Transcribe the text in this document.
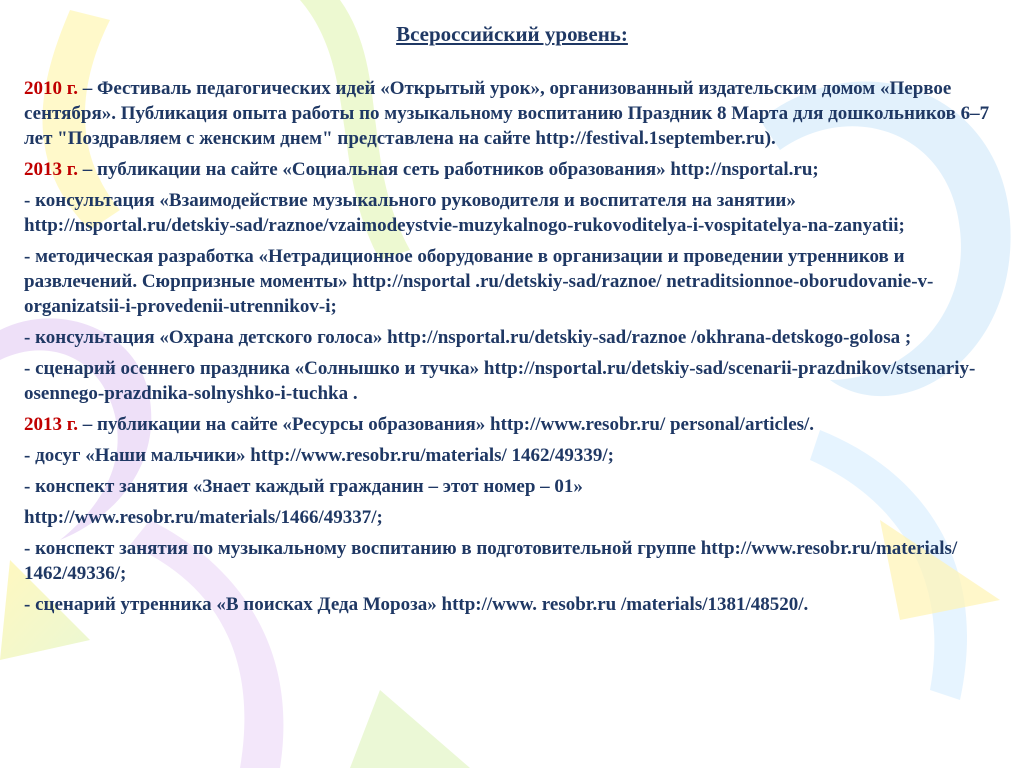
Всероссийский уровень:

2010 г. – Фестиваль педагогических идей «Открытый урок», организованный издательским домом «Первое сентября». Публикация опыта работы по музыкальному воспитанию Праздник 8 Марта для дошкольников 6–7 лет "Поздравляем с женским днем" представлена на сайте http://festival.1september.ru).

2013 г. – публикации на сайте «Социальная сеть работников образования» http://nsportal.ru;

- консультация «Взаимодействие музыкального руководителя и воспитателя на занятии» http://nsportal.ru/detskiy-sad/raznoe/vzaimodeystvie-muzykalnogo-rukovoditelya-i-vospitatelya-na-zanyatii;

- методическая разработка «Нетрадиционное оборудование в организации и проведении утренников и развлечений. Сюрпризные моменты» http://nsportal .ru/detskiy-sad/raznoe/ netraditsionnoe-oborudovanie-v-organizatsii-i-provedenii-utrennikov-i;

- консультация «Охрана детского голоса» http://nsportal.ru/detskiy-sad/raznoe /okhrana-detskogo-golosa ;

- сценарий осеннего праздника «Солнышко и тучка» http://nsportal.ru/detskiy-sad/scenarii-prazdnikov/stsenariy-osennego-prazdnika-solnyshko-i-tuchka .

2013 г. – публикации на сайте «Ресурсы образования» http://www.resobr.ru/ personal/articles/.

- досуг «Наши мальчики» http://www.resobr.ru/materials/ 1462/49339/;

- конспект занятия «Знает каждый гражданин – этот номер – 01»

http://www.resobr.ru/materials/1466/49337/;

- конспект занятия по музыкальному воспитанию в подготовительной группе http://www.resobr.ru/materials/ 1462/49336/;

- сценарий утренника «В поисках Деда Мороза» http://www. resobr.ru /materials/1381/48520/.
